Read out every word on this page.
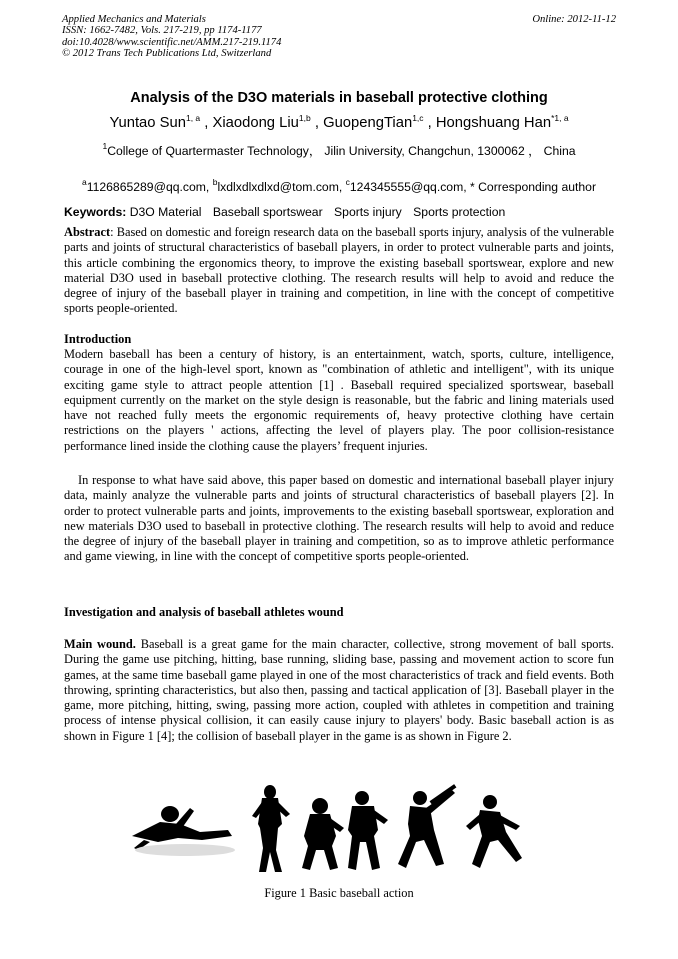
Applied Mechanics and Materials
ISSN: 1662-7482, Vols. 217-219, pp 1174-1177
doi:10.4028/www.scientific.net/AMM.217-219.1174
© 2012 Trans Tech Publications Ltd, Switzerland
Online: 2012-11-12
Analysis of the D3O materials in baseball protective clothing
Yuntao Sun$^{1, a}$ , Xiaodong Liu$^{1,b}$ , GuopengTian$^{1,c}$ , Hongshuang Han$^{*1, a}$
$^1$College of Quartermaster Technology， Jilin University, Changchun, 1300062 ， China
$^a$1126865289@qq.com, $^b$lxdlxdlxdlxd@tom.com, $^c$124345555@qq.com, * Corresponding author
Keywords: D3O Material Baseball sportswear Sports injury Sports protection
Abstract: Based on domestic and foreign research data on the baseball sports injury, analysis of the vulnerable parts and joints of structural characteristics of baseball players, in order to protect vulnerable parts and joints, this article combining the ergonomics theory, to improve the existing baseball sportswear, explore and new material D3O used in baseball protective clothing. The research results will help to avoid and reduce the degree of injury of the baseball player in training and competition, in line with the concept of competitive sports people-oriented.
Introduction
Modern baseball has been a century of history, is an entertainment, watch, sports, culture, intelligence, courage in one of the high-level sport, known as "combination of athletic and intelligent", with its unique exciting game style to attract people attention [1] . Baseball required specialized sportswear, baseball equipment currently on the market on the style design is reasonable, but the fabric and lining materials used have not reached fully meets the ergonomic requirements of, heavy protective clothing have certain restrictions on the players ' actions, affecting the level of players play. The poor collision-resistance performance lined inside the clothing cause the players’ frequent injuries.
In response to what have said above, this paper based on domestic and international baseball player injury data, mainly analyze the vulnerable parts and joints of structural characteristics of baseball players [2]. In order to protect vulnerable parts and joints, improvements to the existing baseball sportswear, exploration and new materials D3O used to baseball in protective clothing. The research results will help to avoid and reduce the degree of injury of the baseball player in training and competition, so as to improve athletic performance and game viewing, in line with the concept of competitive sports people-oriented.
Investigation and analysis of baseball athletes wound
Main wound. Baseball is a great game for the main character, collective, strong movement of ball sports. During the game use pitching, hitting, base running, sliding base, passing and movement action to score fun games, at the same time baseball game played in one of the most characteristics of track and field events. Both throwing, sprinting characteristics, but also then, passing and tactical application of [3]. Baseball player in the game, more pitching, hitting, swing, passing more action, coupled with athletes in competition and training process of intense physical collision, it can easily cause injury to players' body. Basic baseball action is as shown in Figure 1 [4]; the collision of baseball player in the game is as shown in Figure 2.
Figure 1 Basic baseball action
